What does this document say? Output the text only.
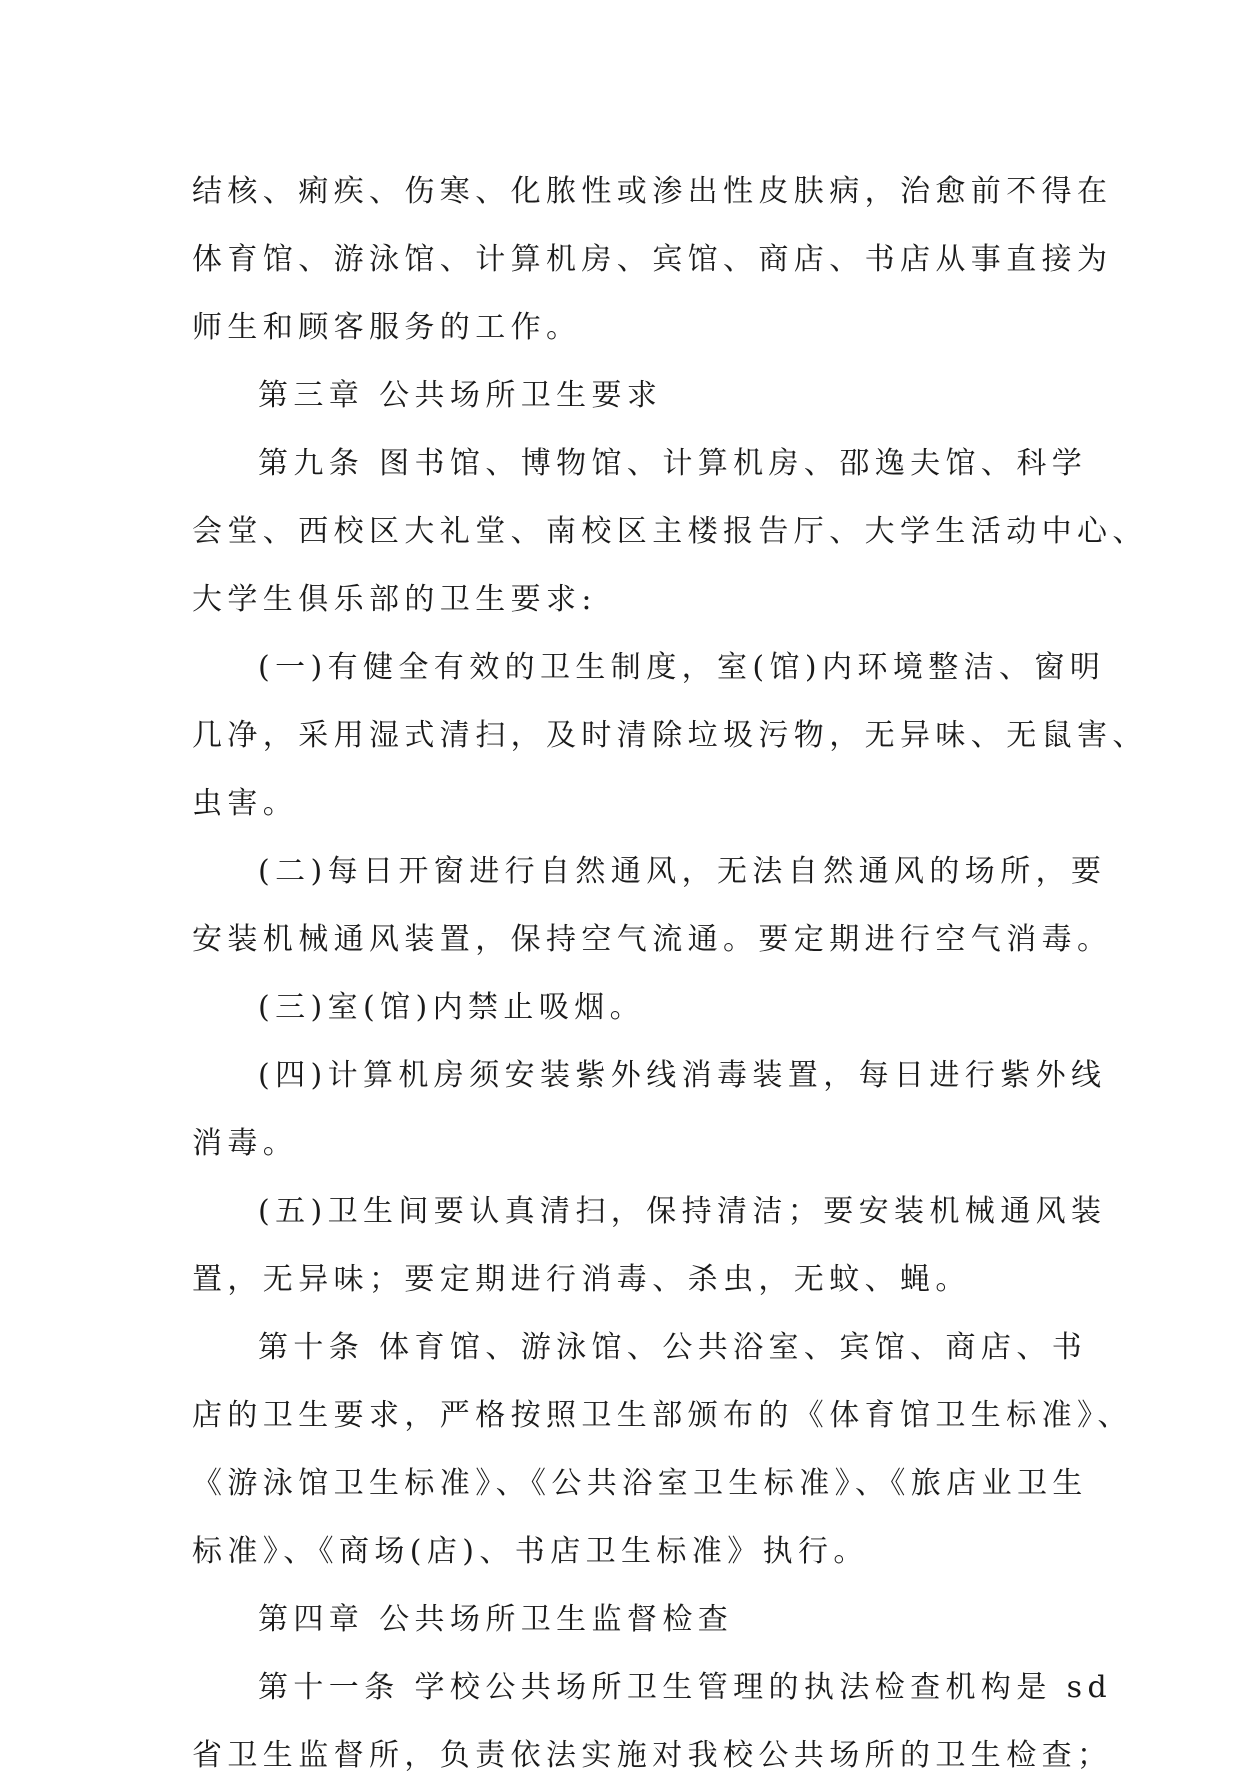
结核、痢疾、伤寒、化脓性或渗出性皮肤病，治愈前不得在
体育馆、游泳馆、计算机房、宾馆、商店、书店从事直接为
师生和顾客服务的工作。
第三章 公共场所卫生要求
第九条 图书馆、博物馆、计算机房、邵逸夫馆、科学
会堂、西校区大礼堂、南校区主楼报告厅、大学生活动中心、
大学生俱乐部的卫生要求:
(一)有健全有效的卫生制度，室(馆)内环境整洁、窗明
几净，采用湿式清扫，及时清除垃圾污物，无异味、无鼠害、
虫害。
(二)每日开窗进行自然通风，无法自然通风的场所，要
安装机械通风装置，保持空气流通。要定期进行空气消毒。
(三)室(馆)内禁止吸烟。
(四)计算机房须安装紫外线消毒装置，每日进行紫外线
消毒。
(五)卫生间要认真清扫，保持清洁；要安装机械通风装
置，无异味；要定期进行消毒、杀虫，无蚊、蝇。
第十条 体育馆、游泳馆、公共浴室、宾馆、商店、书
店的卫生要求，严格按照卫生部颁布的《体育馆卫生标准》、
《游泳馆卫生标准》、《公共浴室卫生标准》、《旅店业卫生
标准》、《商场(店)、书店卫生标准》执行。
第四章 公共场所卫生监督检查
第十一条 学校公共场所卫生管理的执法检查机构是 sd
省卫生监督所，负责依法实施对我校公共场所的卫生检查；
